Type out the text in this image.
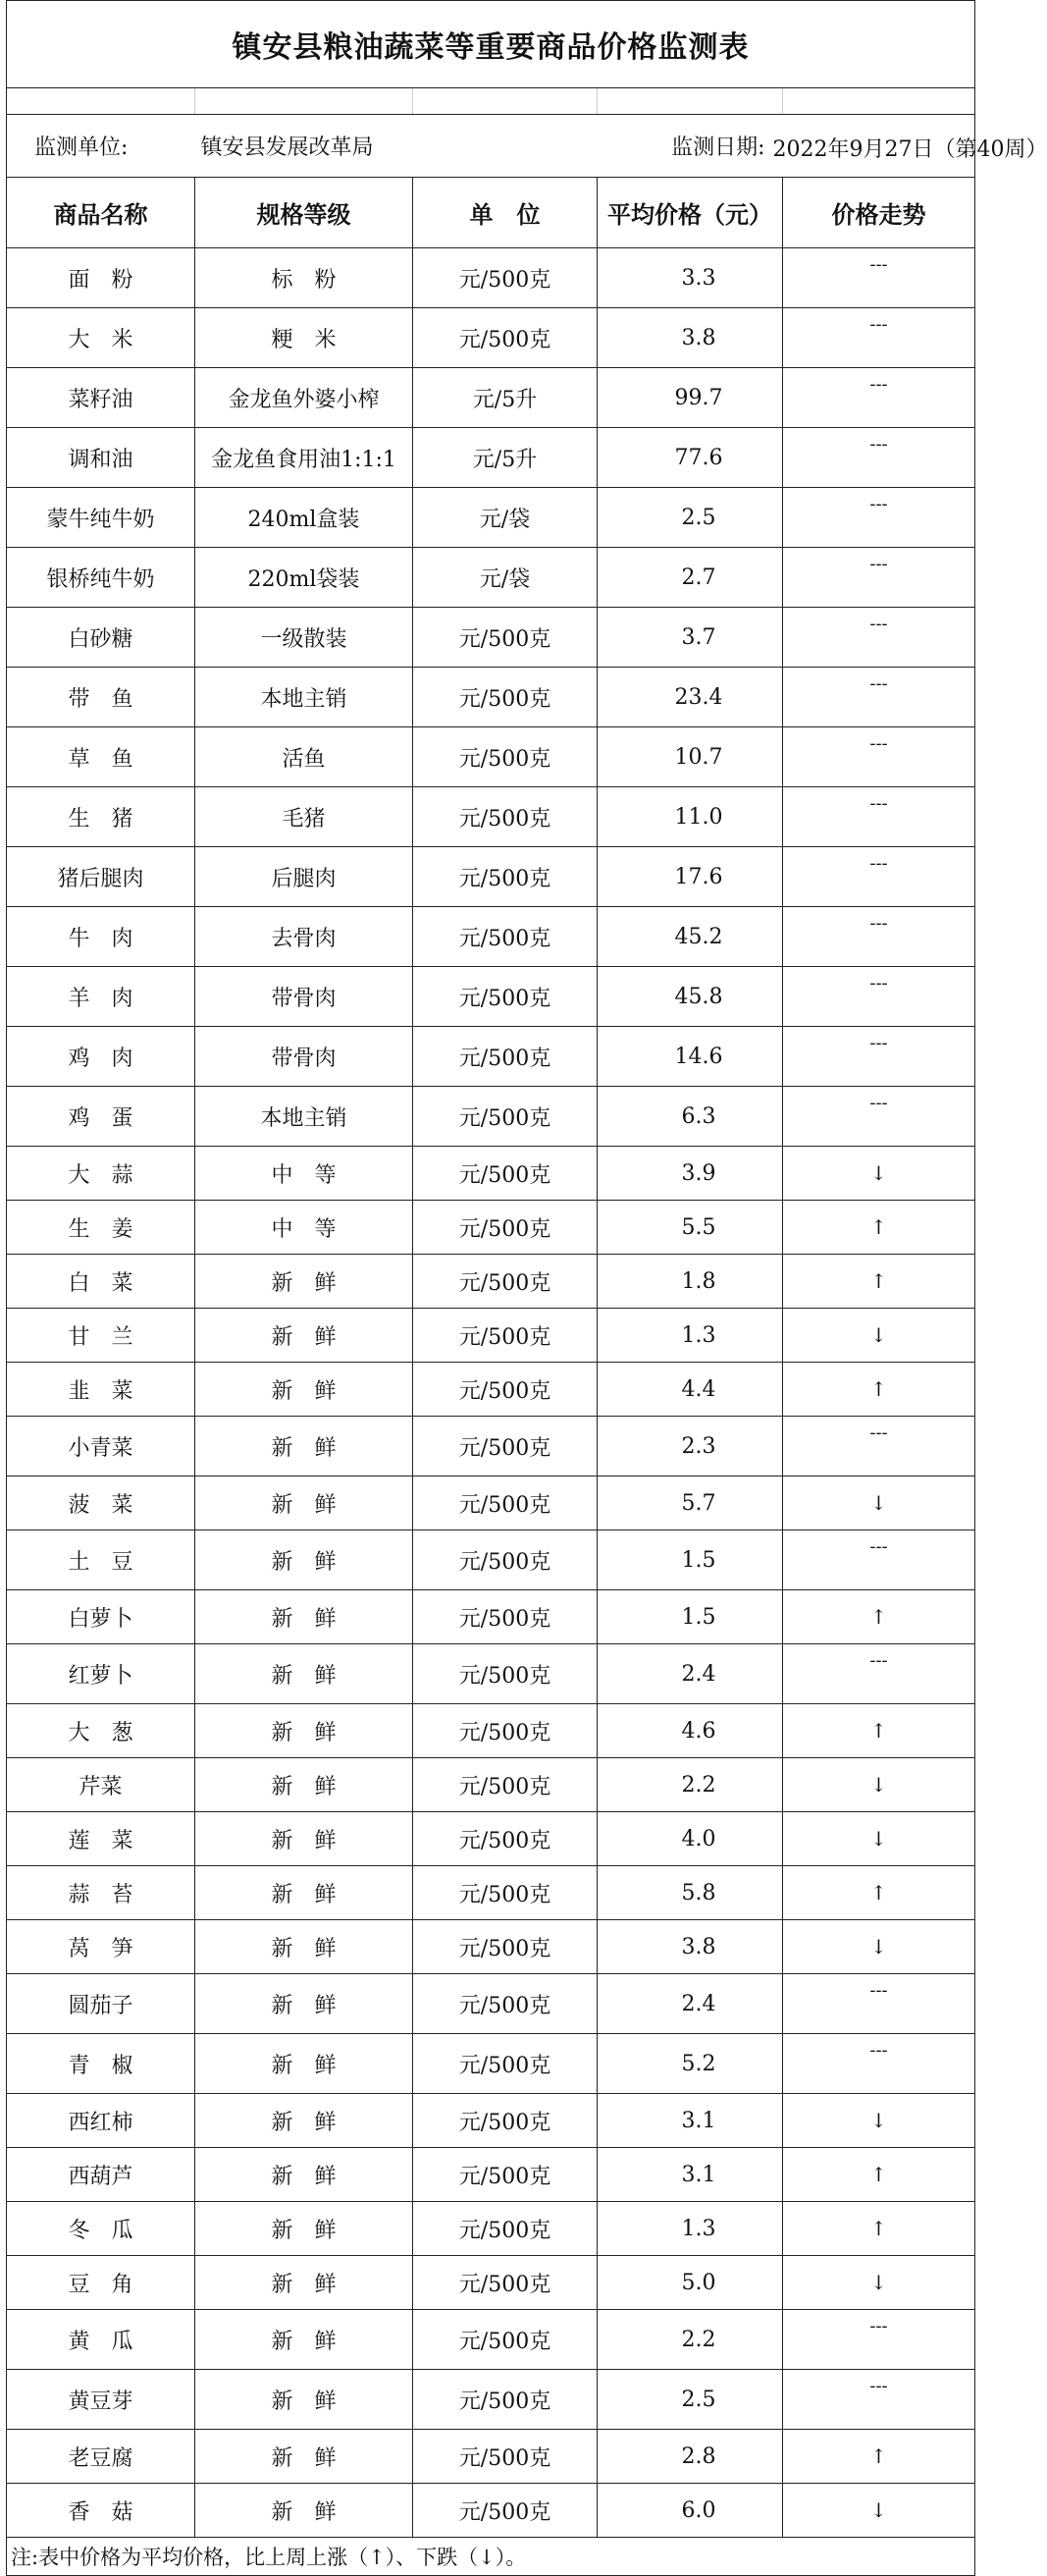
镇安县粮油蔬菜等重要商品价格监测表				

监测单位:	镇安县发展改革局		监测日期:	2022年9月27日（第40周）

商品名称	规格等级	单　位	平均价格（元）	价格走势
面　粉	标　粉	元/500克	3.3	---
大　米	粳　米	元/500克	3.8	---
菜籽油	金龙鱼外婆小榨	元/5升	99.7	---
调和油	金龙鱼食用油1:1:1	元/5升	77.6	---
蒙牛纯牛奶	240ml盒装	元/袋	2.5	---
银桥纯牛奶	220ml袋装	元/袋	2.7	---
白砂糖	一级散装	元/500克	3.7	---
带　鱼	本地主销	元/500克	23.4	---
草　鱼	活鱼	元/500克	10.7	---
生　猪	毛猪	元/500克	11.0	---
猪后腿肉	后腿肉	元/500克	17.6	---
牛　肉	去骨肉	元/500克	45.2	---
羊　肉	带骨肉	元/500克	45.8	---
鸡　肉	带骨肉	元/500克	14.6	---
鸡　蛋	本地主销	元/500克	6.3	---
大　蒜	中　等	元/500克	3.9	↓
生　姜	中　等	元/500克	5.5	↑
白　菜	新　鲜	元/500克	1.8	↑
甘　兰	新　鲜	元/500克	1.3	↓
韭　菜	新　鲜	元/500克	4.4	↑
小青菜	新　鲜	元/500克	2.3	---
菠　菜	新　鲜	元/500克	5.7	↓
土　豆	新　鲜	元/500克	1.5	---
白萝卜	新　鲜	元/500克	1.5	↑
红萝卜	新　鲜	元/500克	2.4	---
大　葱	新　鲜	元/500克	4.6	↑
芹菜	新　鲜	元/500克	2.2	↓
莲　菜	新　鲜	元/500克	4.0	↓
蒜　苔	新　鲜	元/500克	5.8	↑
莴　笋	新　鲜	元/500克	3.8	↓
圆茄子	新　鲜	元/500克	2.4	---
青　椒	新　鲜	元/500克	5.2	---
西红柿	新　鲜	元/500克	3.1	↓
西葫芦	新　鲜	元/500克	3.1	↑
冬　瓜	新　鲜	元/500克	1.3	↑
豆　角	新　鲜	元/500克	5.0	↓
黄　瓜	新　鲜	元/500克	2.2	---
黄豆芽	新　鲜	元/500克	2.5	---
老豆腐	新　鲜	元/500克	2.8	↑
香　菇	新　鲜	元/500克	6.0	↓
注:表中价格为平均价格，比上周上涨（↑）、下跌（↓）。				
